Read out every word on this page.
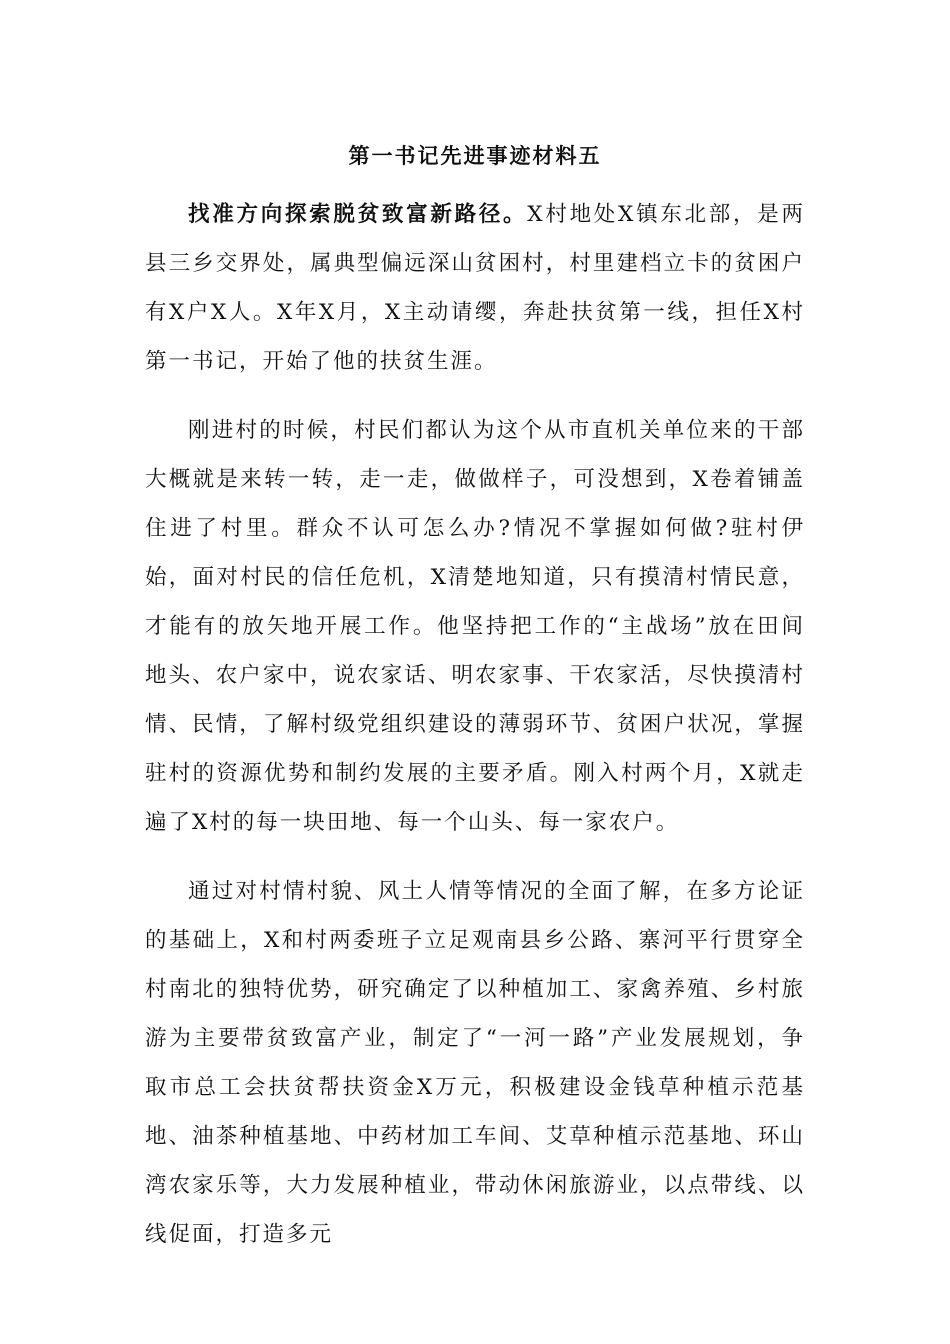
第一书记先进事迹材料五

找准方向探索脱贫致富新路径。X村地处X镇东北部，是两县三乡交界处，属典型偏远深山贫困村，村里建档立卡的贫困户有X户X人。X年X月，X主动请缨，奔赴扶贫第一线，担任X村第一书记，开始了他的扶贫生涯。

刚进村的时候，村民们都认为这个从市直机关单位来的干部大概就是来转一转，走一走，做做样子，可没想到，X卷着铺盖住进了村里。群众不认可怎么办?情况不掌握如何做?驻村伊始，面对村民的信任危机，X清楚地知道，只有摸清村情民意，才能有的放矢地开展工作。他坚持把工作的“主战场”放在田间地头、农户家中，说农家话、明农家事、干农家活，尽快摸清村情、民情，了解村级党组织建设的薄弱环节、贫困户状况，掌握驻村的资源优势和制约发展的主要矛盾。刚入村两个月，X就走遍了X村的每一块田地、每一个山头、每一家农户。

通过对村情村貌、风土人情等情况的全面了解，在多方论证的基础上，X和村两委班子立足观南县乡公路、寨河平行贯穿全村南北的独特优势，研究确定了以种植加工、家禽养殖、乡村旅游为主要带贫致富产业，制定了“一河一路”产业发展规划，争取市总工会扶贫帮扶资金X万元，积极建设金钱草种植示范基地、油茶种植基地、中药材加工车间、艾草种植示范基地、环山湾农家乐等，大力发展种植业，带动休闲旅游业，以点带线、以线促面，打造多元
